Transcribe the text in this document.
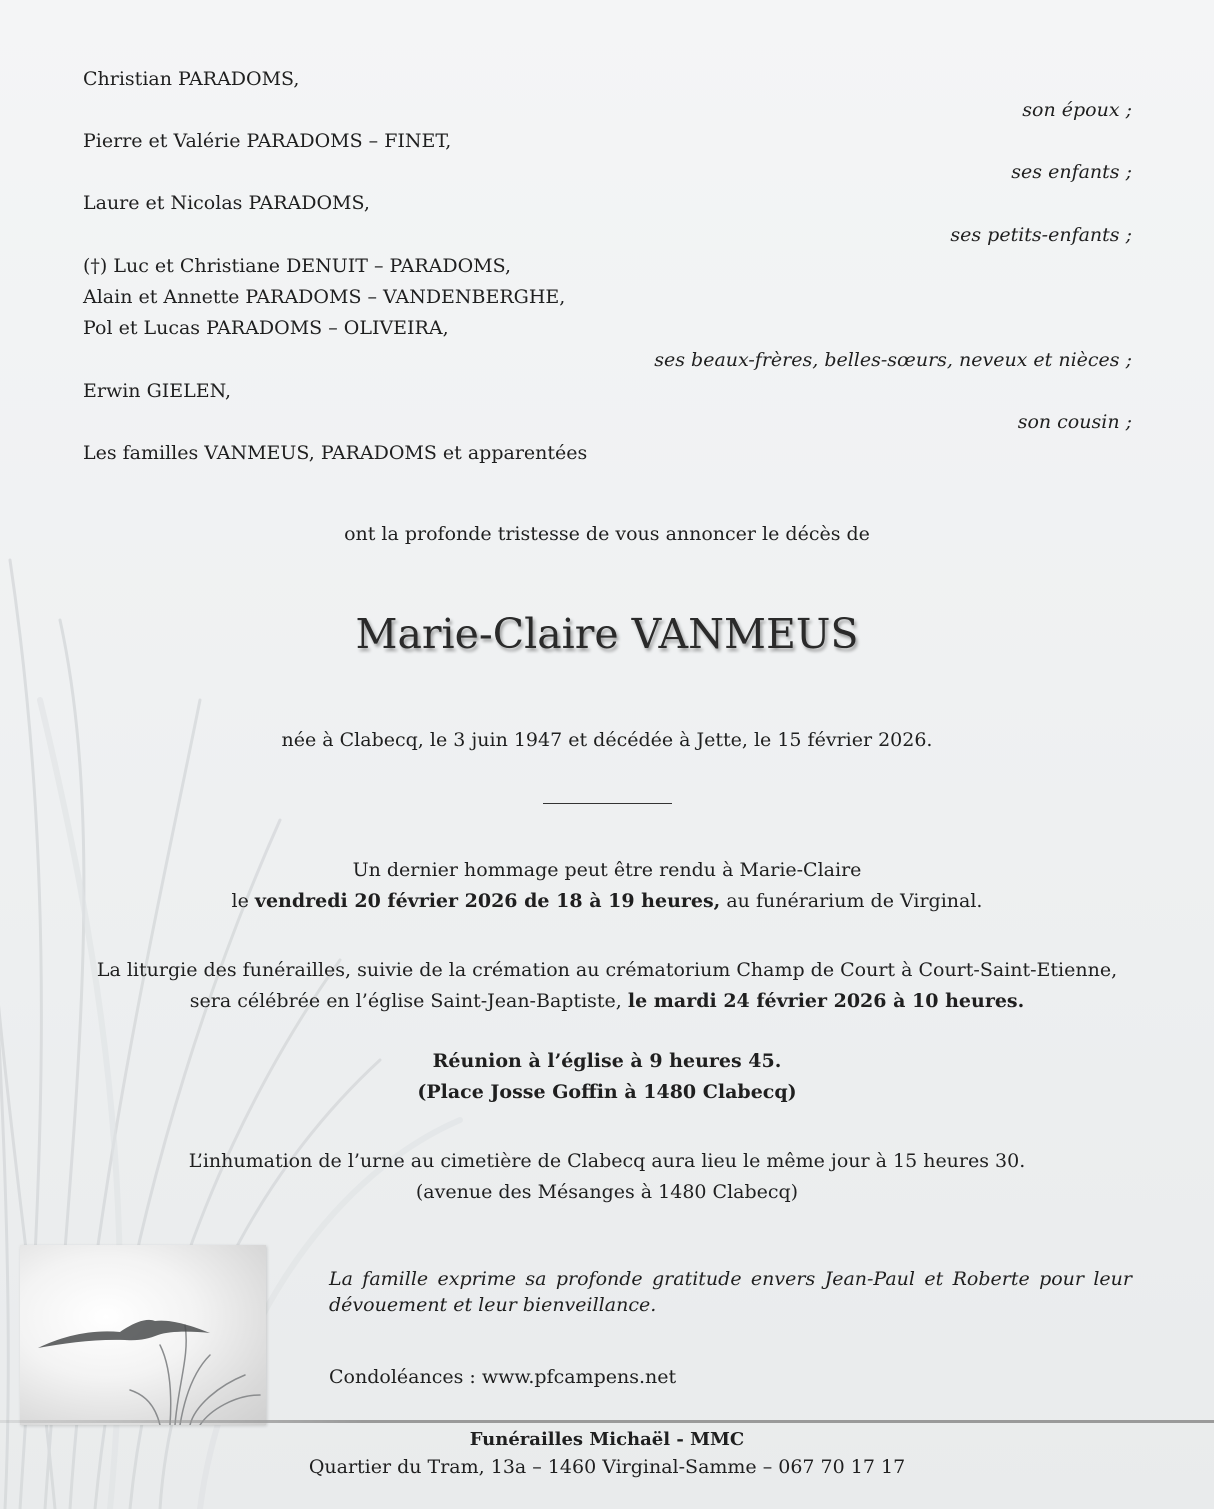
Christian PARADOMS,
son époux ;
Pierre et Valérie PARADOMS – FINET,
ses enfants ;
Laure et Nicolas PARADOMS,
ses petits-enfants ;
(†) Luc et Christiane DENUIT – PARADOMS,
Alain et Annette PARADOMS – VANDENBERGHE,
Pol et Lucas PARADOMS – OLIVEIRA,
ses beaux-frères, belles-sœurs, neveux et nièces ;
Erwin GIELEN,
son cousin ;
Les familles VANMEUS, PARADOMS et apparentées
ont la profonde tristesse de vous annoncer le décès de
Marie-Claire VANMEUS
née à Clabecq, le 3 juin 1947 et décédée à Jette, le 15 février 2026.
Un dernier hommage peut être rendu à Marie-Claire
le vendredi 20 février 2026 de 18 à 19 heures, au funérarium de Virginal.
La liturgie des funérailles, suivie de la crémation au crématorium Champ de Court à Court-Saint-Etienne,
sera célébrée en l’église Saint-Jean-Baptiste, le mardi 24 février 2026 à 10 heures.
Réunion à l’église à 9 heures 45.
(Place Josse Goffin à 1480 Clabecq)
L’inhumation de l’urne au cimetière de Clabecq aura lieu le même jour à 15 heures 30.
(avenue des Mésanges à 1480 Clabecq)
La famille exprime sa profonde gratitude envers Jean-Paul et Roberte pour leur dévouement et leur bienveillance.
Condoléances : www.pfcampens.net
Funérailles Michaël - MMC
Quartier du Tram, 13a – 1460 Virginal-Samme – 067 70 17 17
